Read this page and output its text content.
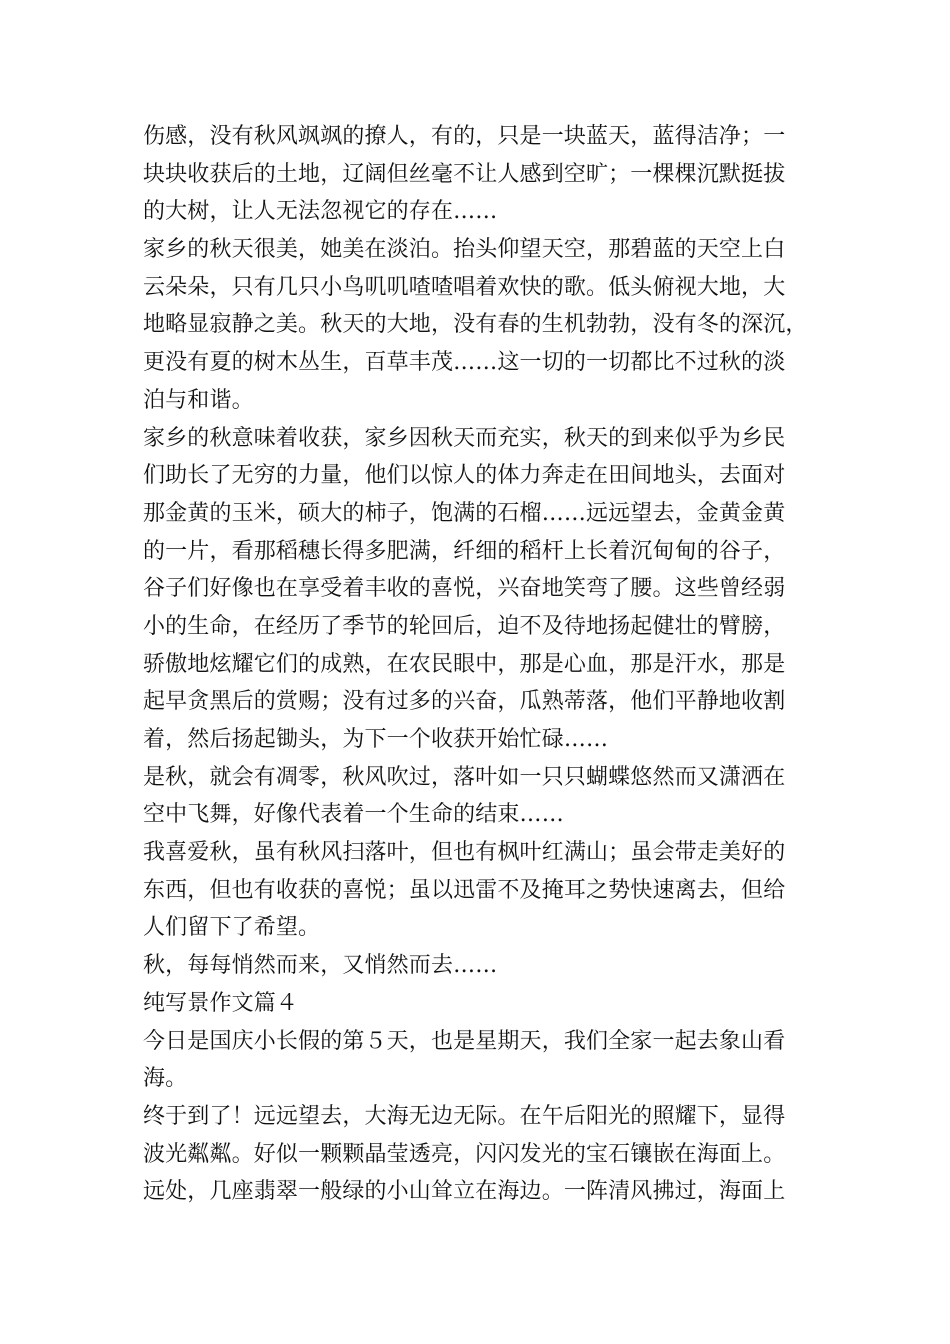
伤感，没有秋风飒飒的撩人，有的，只是一块蓝天，蓝得洁净；一
块块收获后的土地，辽阔但丝毫不让人感到空旷；一棵棵沉默挺拔
的大树，让人无法忽视它的存在……
家乡的秋天很美，她美在淡泊。抬头仰望天空，那碧蓝的天空上白
云朵朵，只有几只小鸟叽叽喳喳唱着欢快的歌。低头俯视大地，大
地略显寂静之美。秋天的大地，没有春的生机勃勃，没有冬的深沉，
更没有夏的树木丛生，百草丰茂……这一切的一切都比不过秋的淡
泊与和谐。
家乡的秋意味着收获，家乡因秋天而充实，秋天的到来似乎为乡民
们助长了无穷的力量，他们以惊人的体力奔走在田间地头，去面对
那金黄的玉米，硕大的柿子，饱满的石榴……远远望去，金黄金黄
的一片，看那稻穗长得多肥满，纤细的稻杆上长着沉甸甸的谷子，
谷子们好像也在享受着丰收的喜悦，兴奋地笑弯了腰。这些曾经弱
小的生命，在经历了季节的轮回后，迫不及待地扬起健壮的臂膀，
骄傲地炫耀它们的成熟，在农民眼中，那是心血，那是汗水，那是
起早贪黑后的赏赐；没有过多的兴奋，瓜熟蒂落，他们平静地收割
着，然后扬起锄头，为下一个收获开始忙碌……
是秋，就会有凋零，秋风吹过，落叶如一只只蝴蝶悠然而又潇洒在
空中飞舞，好像代表着一个生命的结束……
我喜爱秋，虽有秋风扫落叶，但也有枫叶红满山；虽会带走美好的
东西，但也有收获的喜悦；虽以迅雷不及掩耳之势快速离去，但给
人们留下了希望。
秋，每每悄然而来，又悄然而去……
纯写景作文篇４
今日是国庆小长假的第５天，也是星期天，我们全家一起去象山看
海。
终于到了！远远望去，大海无边无际。在午后阳光的照耀下，显得
波光粼粼。好似一颗颗晶莹透亮，闪闪发光的宝石镶嵌在海面上。
远处，几座翡翠一般绿的小山耸立在海边。一阵清风拂过，海面上
